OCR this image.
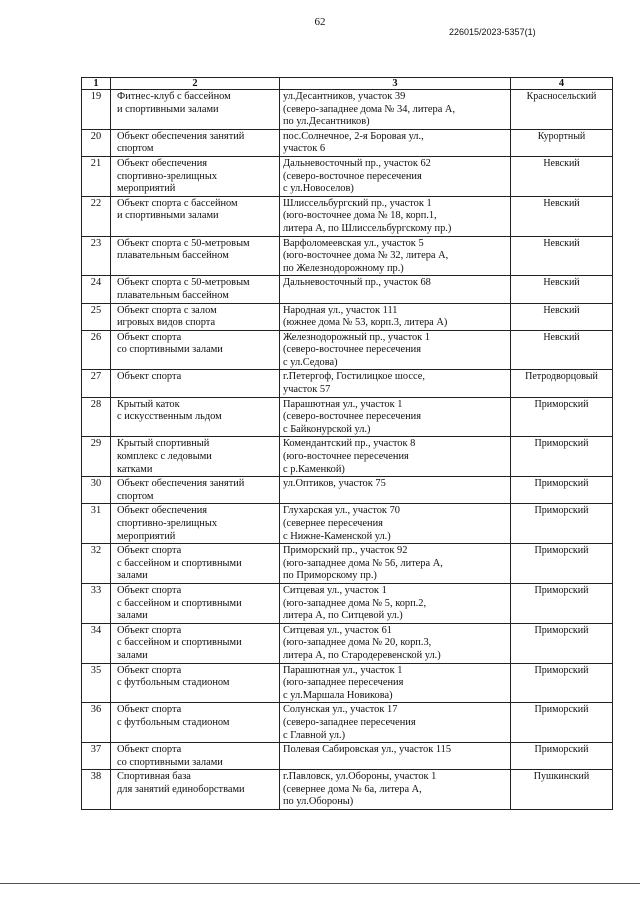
62
226015/2023-5357(1)
1	2	3	4
19	Фитнес-клуб с бассейном
и спортивными залами	ул.Десантников, участок 39
(северо-западнее дома № 34, литера А,
по ул.Десантников)	Красносельский
20	Объект обеспечения занятий
спортом	пос.Солнечное, 2-я Боровая ул.,
участок 6	Курортный
21	Объект обеспечения
спортивно-зрелищных
мероприятий	Дальневосточный пр., участок 62
(северо-восточное пересечения
с ул.Новоселов)	Невский
22	Объект спорта с бассейном
и спортивными залами	Шлиссельбургский пр., участок 1
(юго-восточнее дома № 18, корп.1,
литера А, по Шлиссельбургскому пр.)	Невский
23	Объект спорта с 50-метровым
плавательным бассейном	Варфоломеевская ул., участок 5
(юго-восточнее дома № 32, литера А,
по Железнодорожному пр.)	Невский
24	Объект спорта с 50-метровым
плавательным бассейном	Дальневосточный пр., участок 68	Невский
25	Объект спорта с залом
игровых видов спорта	Народная ул., участок 111
(южнее дома № 53, корп.3, литера А)	Невский
26	Объект спорта
со спортивными залами	Железнодорожный пр., участок 1
(северо-восточнее пересечения
с ул.Седова)	Невский
27	Объект спорта	г.Петергоф, Гостилицкое шоссе,
участок 57	Петродворцовый
28	Крытый каток
с искусственным льдом	Парашютная ул., участок 1
(северо-восточнее пересечения
с Байконурской ул.)	Приморский
29	Крытый спортивный
комплекс с ледовыми
катками	Комендантский пр., участок 8
(юго-восточнее пересечения
с р.Каменкой)	Приморский
30	Объект обеспечения занятий
спортом	ул.Оптиков, участок 75	Приморский
31	Объект обеспечения
спортивно-зрелищных
мероприятий	Глухарская ул., участок 70
(севернее пересечения
с Нижне-Каменской ул.)	Приморский
32	Объект спорта
с бассейном и спортивными
залами	Приморский пр., участок 92
(юго-западнее дома № 56, литера А,
по Приморскому пр.)	Приморский
33	Объект спорта
с бассейном и спортивными
залами	Ситцевая ул., участок 1
(юго-западнее дома № 5, корп.2,
литера А, по Ситцевой ул.)	Приморский
34	Объект спорта
с бассейном и спортивными
залами	Ситцевая ул., участок 61
(юго-западнее дома № 20, корп.3,
литера А, по Стародеревенской ул.)	Приморский
35	Объект спорта
с футбольным стадионом	Парашютная ул., участок 1
(юго-западнее пересечения
с ул.Маршала Новикова)	Приморский
36	Объект спорта
с футбольным стадионом	Солунская ул., участок 17
(северо-западнее пересечения
с Главной ул.)	Приморский
37	Объект спорта
со спортивными залами	Полевая Сабировская ул., участок 115	Приморский
38	Спортивная база
для занятий единоборствами	г.Павловск, ул.Обороны, участок 1
(севернее дома № 6а, литера А,
по ул.Обороны)	Пушкинский
